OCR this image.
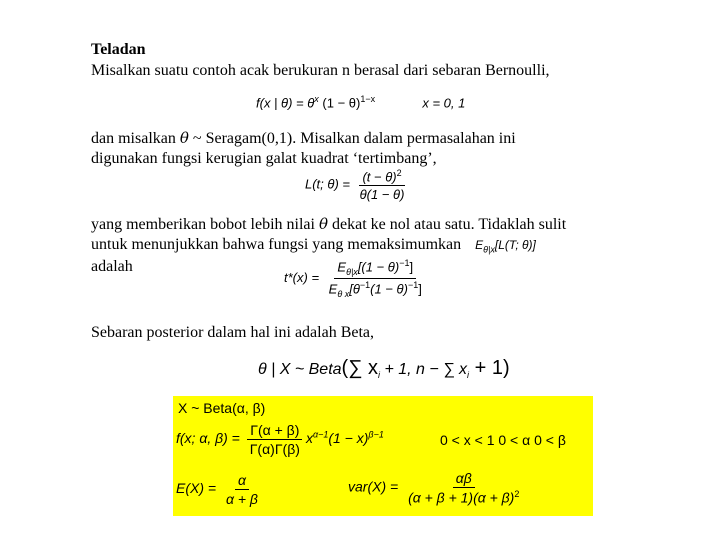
Teladan
Misalkan suatu contoh acak berukuran n berasal dari sebaran Bernoulli,
f(x | $\theta) = \theta^x$ $(1 - \theta)^{1-x}$	x = 0, 1
dan misalkan θ ~ Seragam(0,1). Misalkan dalam permasalahan ini
digunakan fungsi kerugian galat kuadrat ‘tertimbang’,
L(t; $\theta) = \frac{(t - \theta)^2}{\theta(1 - \theta)}$
yang memberikan bobot lebih nilai θ dekat ke nol atau satu. Tidaklah sulit
untuk menunjukkan bahwa fungsi yang memaksimumkan $E_{\theta|x}[L(T$; θ)]
adalah
$t*(x) = \frac{E_{\theta|x}[(1 - \theta)^{-1}]}{E_{\theta x}[\theta^{-1}(1 - \theta)^{-1}]}$
Sebaran posterior dalam hal ini adalah Beta,
θ | X ~ Beta(∑ $x_i + 1$, n − ∑ $x_i + 1$)
X ~ Beta(α, β)
f(x; α, $\beta) = \frac{\Gamma(\alpha + \beta)}{\Gamma(\alpha)\Gamma(\beta)} x^{\alpha-1}(1 - x)^{\beta-1}$	0 < x < 1 0 < α 0 < β
$E(X) = \frac{\alpha}{\alpha + \beta}$	$var(X) = \frac{\alpha\beta}{(\alpha + \beta + 1)(\alpha + \beta)^2}$
